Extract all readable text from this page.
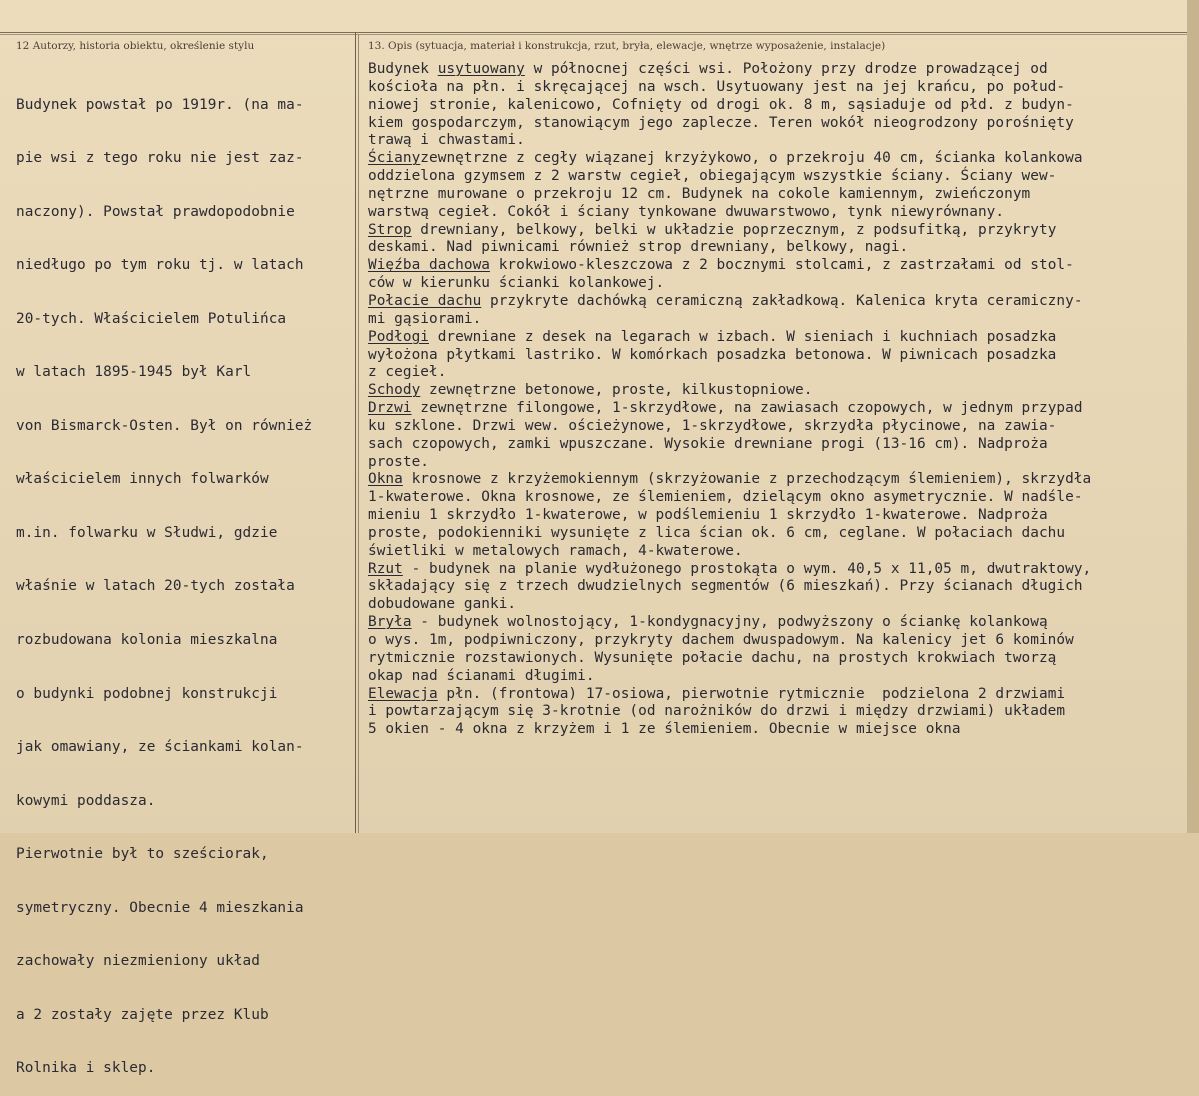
12 Autorzy, historia obiektu, określenie stylu	13. Opis (sytuacja, materiał i konstrukcja, rzut, bryła, elewacje, wnętrze wyposażenie, instalacje)

Budynek powstał po 1919r. (na ma-

pie wsi z tego roku nie jest zaz-

naczony). Powstał prawdopodobnie

niedługo po tym roku tj. w latach

20-tych. Właścicielem Potulińca

w latach 1895-1945 był Karl

von Bismarck-Osten. Był on również

właścicielem innych folwarków

m.in. folwarku w Słudwi, gdzie

właśnie w latach 20-tych została

rozbudowana kolonia mieszkalna

o budynki podobnej konstrukcji

jak omawiany, ze ściankami kolan-

kowymi poddasza.

Pierwotnie był to sześciorak,

symetryczny. Obecnie 4 mieszkania

zachowały niezmieniony układ

a 2 zostały zajęte przez Klub

Rolnika i sklep.

Budynek usytuowany w północnej części wsi. Położony przy drodze prowadzącej od
kościoła na płn. i skręcającej na wsch. Usytuowany jest na jej krańcu, po połud-
niowej stronie, kalenicowo, Cofnięty od drogi ok. 8 m, sąsiaduje od płd. z budyn-
kiem gospodarczym, stanowiącym jego zaplecze. Teren wokół nieogrodzony porośnięty
trawą i chwastami.
Ścianyzewnętrzne z cegły wiązanej krzyżykowo, o przekroju 40 cm, ścianka kolankowa
oddzielona gzymsem z 2 warstw cegieł, obiegającym wszystkie ściany. Ściany wew-
nętrzne murowane o przekroju 12 cm. Budynek na cokole kamiennym, zwieńczonym
warstwą cegieł. Cokół i ściany tynkowane dwuwarstwowo, tynk niewyrównany.
Strop drewniany, belkowy, belki w układzie poprzecznym, z podsufitką, przykryty
deskami. Nad piwnicami również strop drewniany, belkowy, nagi.
Więźba dachowa krokwiowo-kleszczowa z 2 bocznymi stolcami, z zastrzałami od stol-
ców w kierunku ścianki kolankowej.
Połacie dachu przykryte dachówką ceramiczną zakładkową. Kalenica kryta ceramiczny-
mi gąsiorami.
Podłogi drewniane z desek na legarach w izbach. W sieniach i kuchniach posadzka
wyłożona płytkami lastriko. W komórkach posadzka betonowa. W piwnicach posadzka
z cegieł.
Schody zewnętrzne betonowe, proste, kilkustopniowe.
Drzwi zewnętrzne filongowe, 1-skrzydłowe, na zawiasach czopowych, w jednym przypad
ku szklone. Drzwi wew. ościeżynowe, 1-skrzydłowe, skrzydła płycinowe, na zawia-
sach czopowych, zamki wpuszczane. Wysokie drewniane progi (13-16 cm). Nadproża
proste.
Okna krosnowe z krzyżemokiennym (skrzyżowanie z przechodzącym ślemieniem), skrzydła
1-kwaterowe. Okna krosnowe, ze ślemieniem, dzielącym okno asymetrycznie. W nadśle-
mieniu 1 skrzydło 1-kwaterowe, w podślemieniu 1 skrzydło 1-kwaterowe. Nadproża
proste, podokienniki wysunięte z lica ścian ok. 6 cm, ceglane. W połaciach dachu
świetliki w metalowych ramach, 4-kwaterowe.
Rzut - budynek na planie wydłużonego prostokąta o wym. 40,5 x 11,05 m, dwutraktowy,
składający się z trzech dwudzielnych segmentów (6 mieszkań). Przy ścianach długich
dobudowane ganki.
Bryła - budynek wolnostojący, 1-kondygnacyjny, podwyższony o ściankę kolankową
o wys. 1m, podpiwniczony, przykryty dachem dwuspadowym. Na kalenicy jet 6 kominów
rytmicznie rozstawionych. Wysunięte połacie dachu, na prostych krokwiach tworzą
okap nad ścianami długimi.
Elewacja płn. (frontowa) 17-osiowa, pierwotnie rytmicznie  podzielona 2 drzwiami
i powtarzającym się 3-krotnie (od narożników do drzwi i między drzwiami) układem
5 okien - 4 okna z krzyżem i 1 ze ślemieniem. Obecnie w miejsce okna
